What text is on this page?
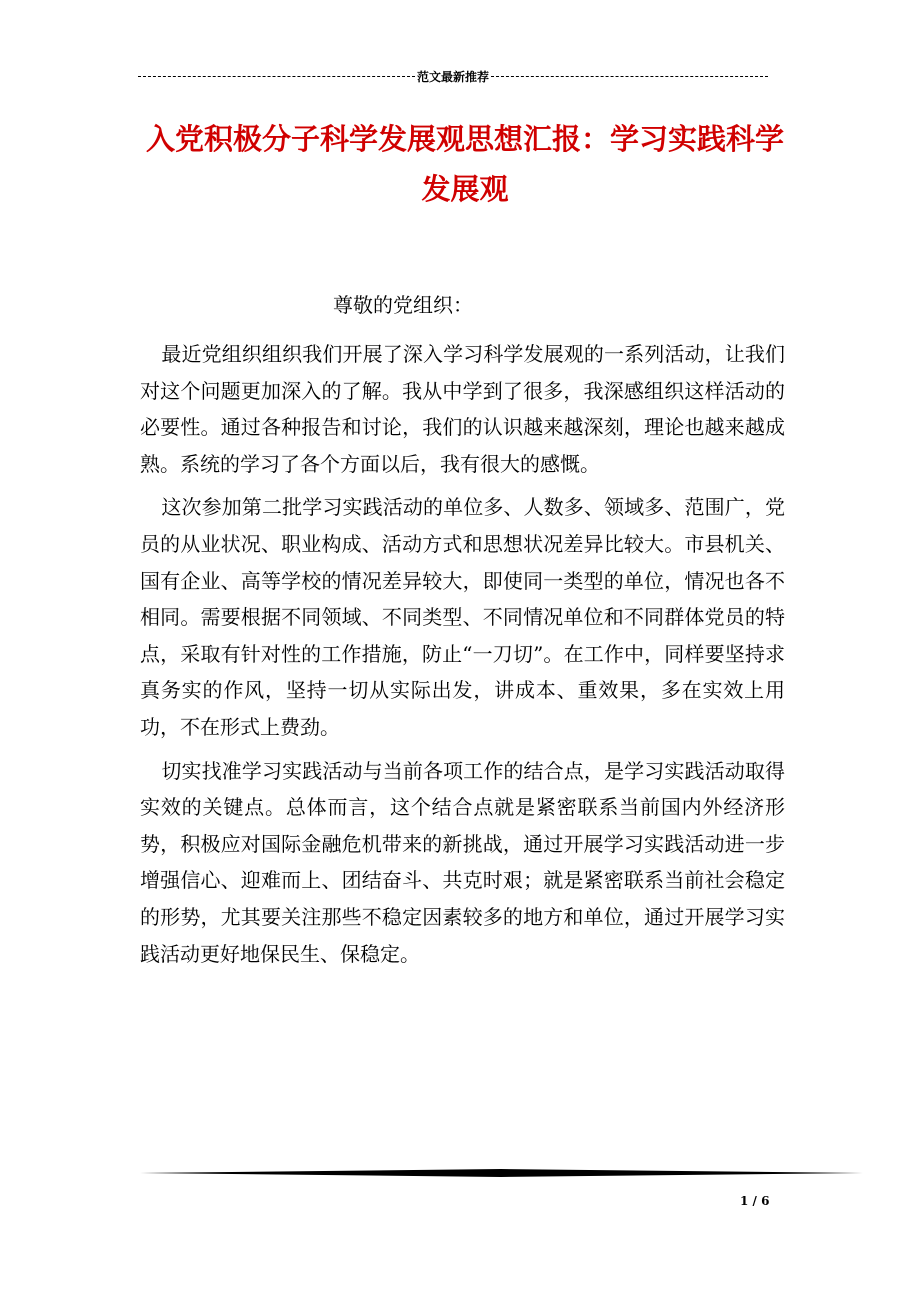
范文最新推荐
入党积极分子科学发展观思想汇报：学习实践科学发展观

尊敬的党组织：

最近党组织组织我们开展了深入学习科学发展观的一系列活动，让我们对这个问题更加深入的了解。我从中学到了很多，我深感组织这样活动的必要性。通过各种报告和讨论，我们的认识越来越深刻，理论也越来越成熟。系统的学习了各个方面以后，我有很大的感慨。

这次参加第二批学习实践活动的单位多、人数多、领域多、范围广，党员的从业状况、职业构成、活动方式和思想状况差异比较大。市县机关、国有企业、高等学校的情况差异较大，即使同一类型的单位，情况也各不相同。需要根据不同领域、不同类型、不同情况单位和不同群体党员的特点，采取有针对性的工作措施，防止“一刀切”。在工作中，同样要坚持求真务实的作风，坚持一切从实际出发，讲成本、重效果，多在实效上用功，不在形式上费劲。

切实找准学习实践活动与当前各项工作的结合点，是学习实践活动取得实效的关键点。总体而言，这个结合点就是紧密联系当前国内外经济形势，积极应对国际金融危机带来的新挑战，通过开展学习实践活动进一步增强信心、迎难而上、团结奋斗、共克时艰；就是紧密联系当前社会稳定的形势，尤其要关注那些不稳定因素较多的地方和单位，通过开展学习实践活动更好地保民生、保稳定。

1 / 6
